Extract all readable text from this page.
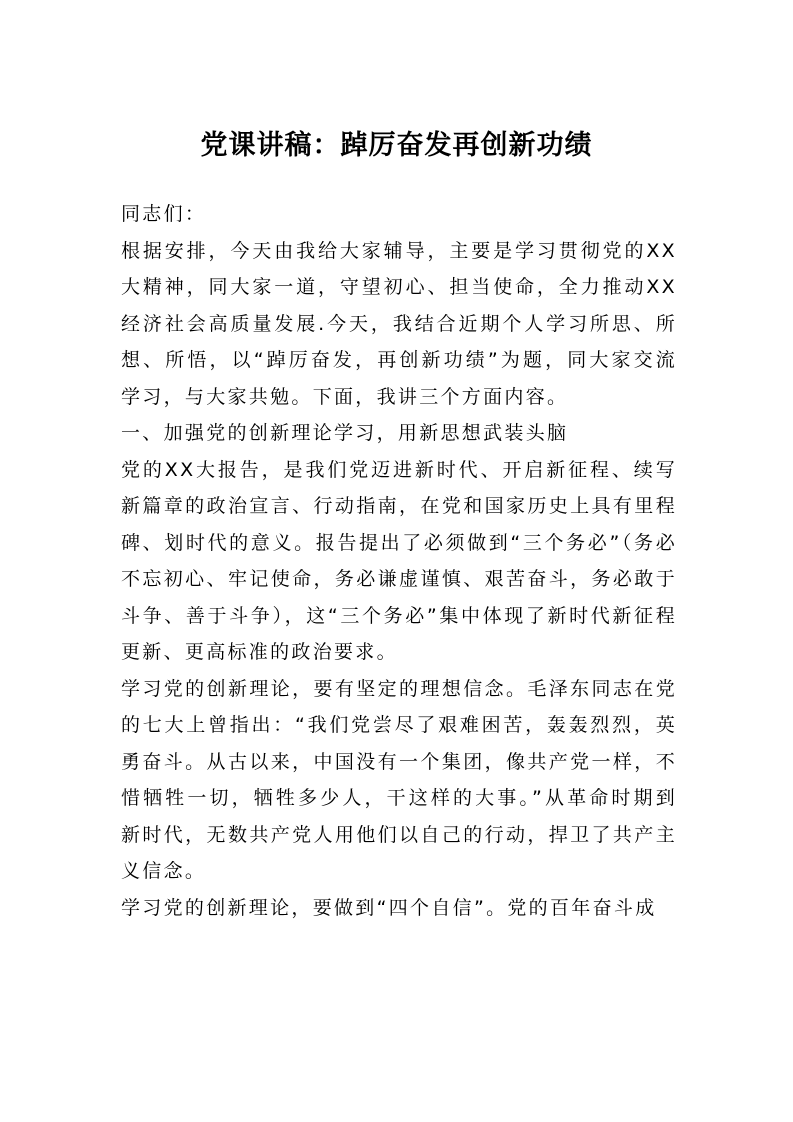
党课讲稿：踔厉奋发再创新功绩

同志们：

根据安排，今天由我给大家辅导，主要是学习贯彻党的XX大精神，同大家一道，守望初心、担当使命，全力推动XX经济社会高质量发展.今天，我结合近期个人学习所思、所想、所悟，以“踔厉奋发，再创新功绩”为题，同大家交流学习，与大家共勉。下面，我讲三个方面内容。

一、加强党的创新理论学习，用新思想武装头脑

党的XX大报告，是我们党迈进新时代、开启新征程、续写新篇章的政治宣言、行动指南，在党和国家历史上具有里程碑、划时代的意义。报告提出了必须做到“三个务必”（务必不忘初心、牢记使命，务必谦虚谨慎、艰苦奋斗，务必敢于斗争、善于斗争），这“三个务必”集中体现了新时代新征程更新、更高标准的政治要求。

学习党的创新理论，要有坚定的理想信念。毛泽东同志在党的七大上曾指出：“我们党尝尽了艰难困苦，轰轰烈烈，英勇奋斗。从古以来，中国没有一个集团，像共产党一样，不惜牺牲一切，牺牲多少人，干这样的大事。”从革命时期到新时代，无数共产党人用他们以自己的行动，捍卫了共产主义信念。

学习党的创新理论，要做到“四个自信”。党的百年奋斗成
